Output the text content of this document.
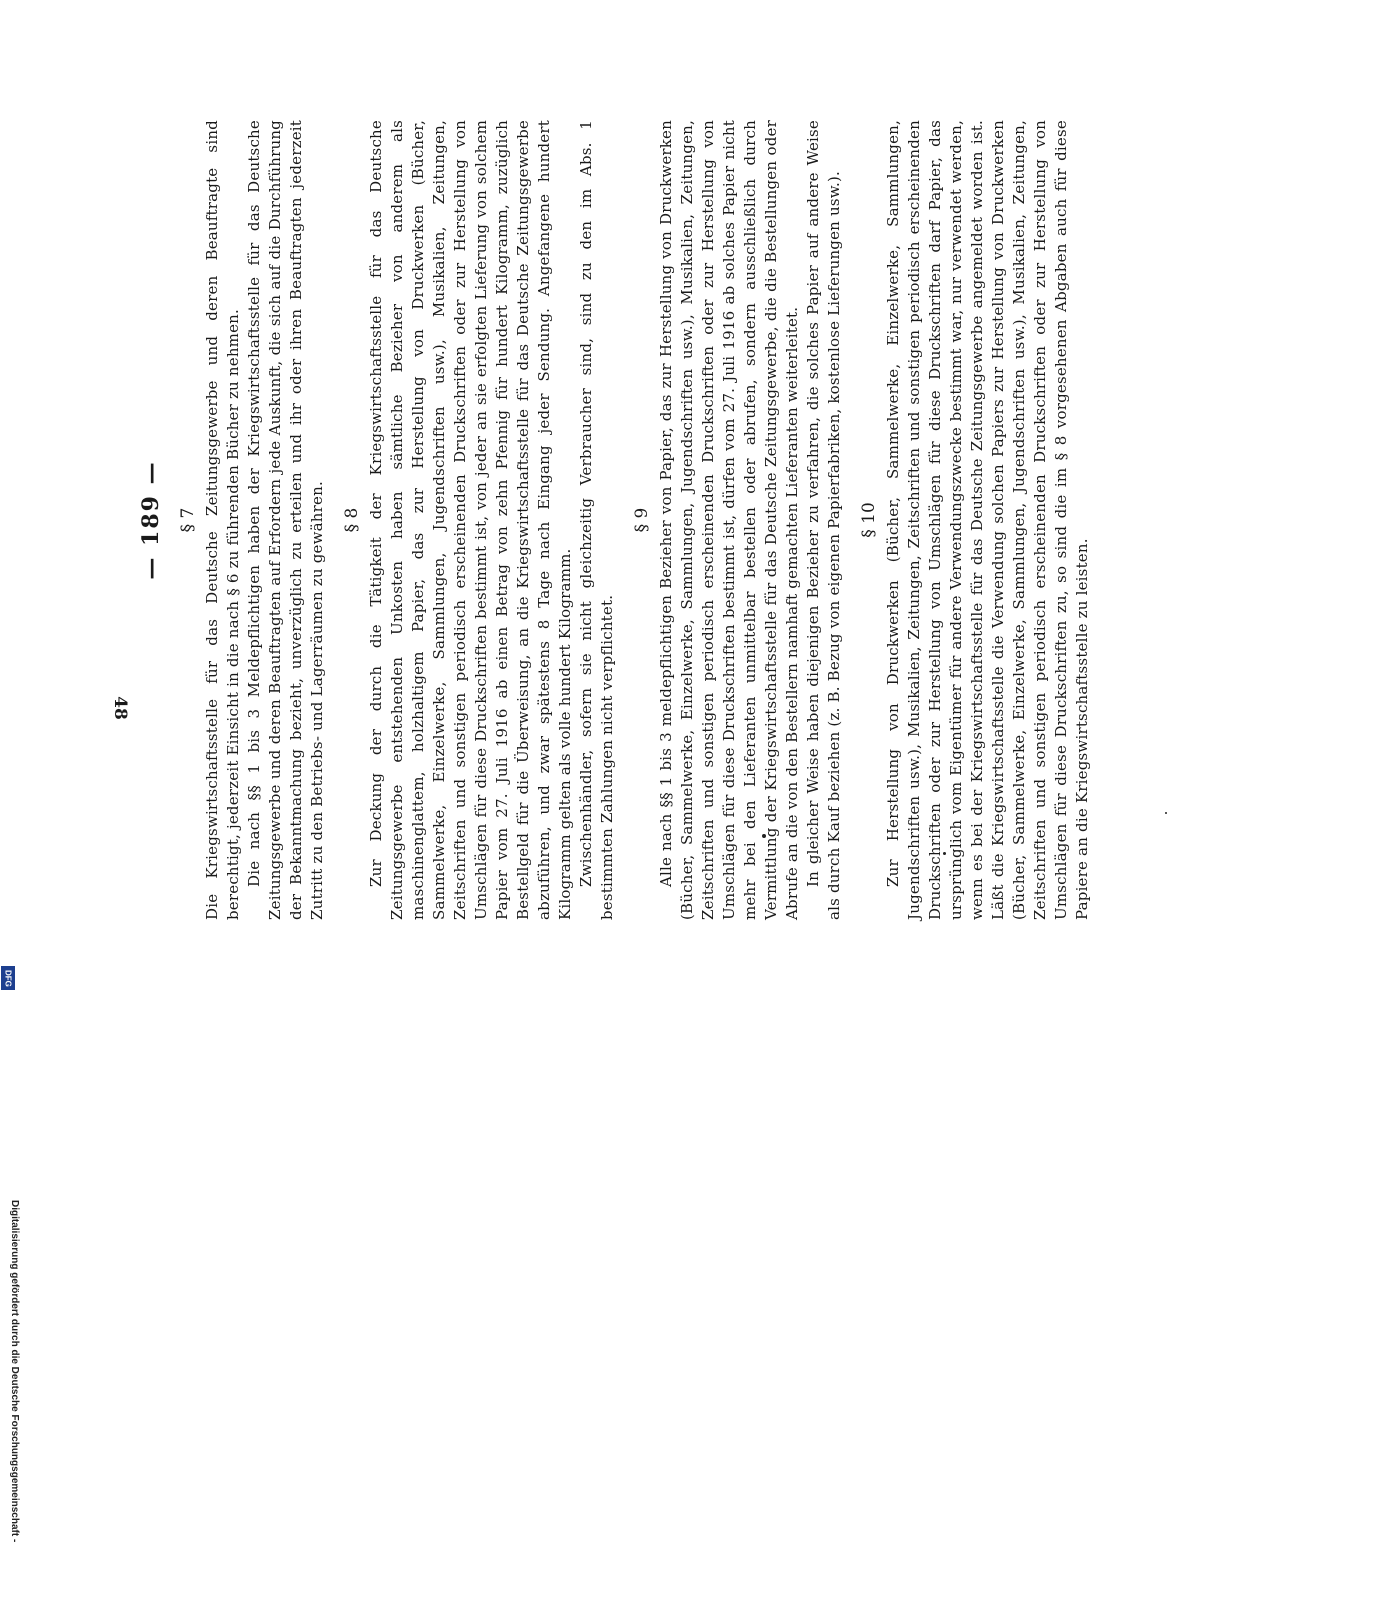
Digitalisierung gefördert durch die Deutsche Forschungsgemeinschaft -
DFG
48
— 189 — § 7 Die Kriegswirtschaftsstelle für das Deutsche Zeitungsgewerbe und deren Beauftragte sind berechtigt, jederzeit Einsicht in die nach § 6 zu führenden Bücher zu nehmen. Die nach §§ 1 bis 3 Meldepflichtigen haben der Kriegswirtschaftsstelle für das Deutsche Zeitungsgewerbe und deren Beauftragten auf Erfordern jede Auskunft, die sich auf die Durchführung der Bekanntmachung bezieht, unverzüglich zu erteilen und ihr oder ihren Beauftragten jederzeit Zutritt zu den Betriebs- und Lagerräumen zu gewähren. § 8 Zur Deckung der durch die Tätigkeit der Kriegswirtschaftsstelle für das Deutsche Zeitungsgewerbe entstehenden Unkosten haben sämtliche Bezieher von anderem als maschinenglattem, holzhaltigem Papier, das zur Herstellung von Druckwerken (Bücher, Sammelwerke, Einzelwerke, Sammlungen, Jugendschriften usw.), Musikalien, Zeitungen, Zeitschriften und sonstigen periodisch erscheinenden Druckschriften oder zur Herstellung von Umschlägen für diese Druckschriften bestimmt ist, von jeder an sie erfolgten Lieferung von solchem Papier vom 27. Juli 1916 ab einen Betrag von zehn Pfennig für hundert Kilogramm, zuzüglich Bestellgeld für die Überweisung, an die Kriegswirtschaftsstelle für das Deutsche Zeitungsgewerbe abzuführen, und zwar spätestens 8 Tage nach Eingang jeder Sendung. Angefangene hundert Kilogramm gelten als volle hundert Kilogramm. Zwischenhändler, sofern sie nicht gleichzeitig Verbraucher sind, sind zu den im Abs. 1 bestimmten Zahlungen nicht verpflichtet.

§ 9 Alle nach §§ 1 bis 3 meldepflichtigen Bezieher von Papier, das zur Herstellung von Druckwerken (Bücher, Sammelwerke, Einzelwerke, Sammlungen, Jugendschriften usw.), Musikalien, Zeitungen, Zeitschriften und sonstigen periodisch erscheinenden Druckschriften oder zur Herstellung von Umschlägen für diese Druckschriften bestimmt ist, dürfen vom 27. Juli 1916 ab solches Papier nicht mehr bei den Lieferanten unmittelbar bestellen oder abrufen, sondern ausschließlich durch Vermittlung der Kriegswirtschaftsstelle für das Deutsche Zeitungsgewerbe, die die Bestellungen oder Abrufe an die von den Bestellern namhaft gemachten Lieferanten weiterleitet. In gleicher Weise haben diejenigen Bezieher zu verfahren, die solches Papier auf andere Weise als durch Kauf beziehen (z. B. Bezug von eigenen Papierfabriken, kostenlose Lieferungen usw.). § 10 Zur Herstellung von Druckwerken (Bücher, Sammelwerke, Einzelwerke, Sammlungen, Jugendschriften usw.), Musikalien, Zeitungen, Zeitschriften und sonstigen periodisch erscheinenden Druckschriften oder zur Herstellung von Umschlägen für diese Druckschriften darf Papier, das ursprünglich vom Eigentümer für andere Verwendungszwecke bestimmt war, nur verwendet werden, wenn es bei der Kriegswirtschaftsstelle für das Deutsche Zeitungsgewerbe angemeldet worden ist. Läßt die Kriegswirtschaftsstelle die Verwendung solchen Papiers zur Herstellung von Druckwerken (Bücher, Sammelwerke, Einzelwerke, Sammlungen, Jugendschriften usw.), Musikalien, Zeitungen, Zeitschriften und sonstigen periodisch erscheinenden Druckschriften oder zur Herstellung von Umschlägen für diese Druckschriften zu, so sind die im § 8 vorgesehenen Abgaben auch für diese Papiere an die Kriegswirtschaftsstelle zu leisten.
